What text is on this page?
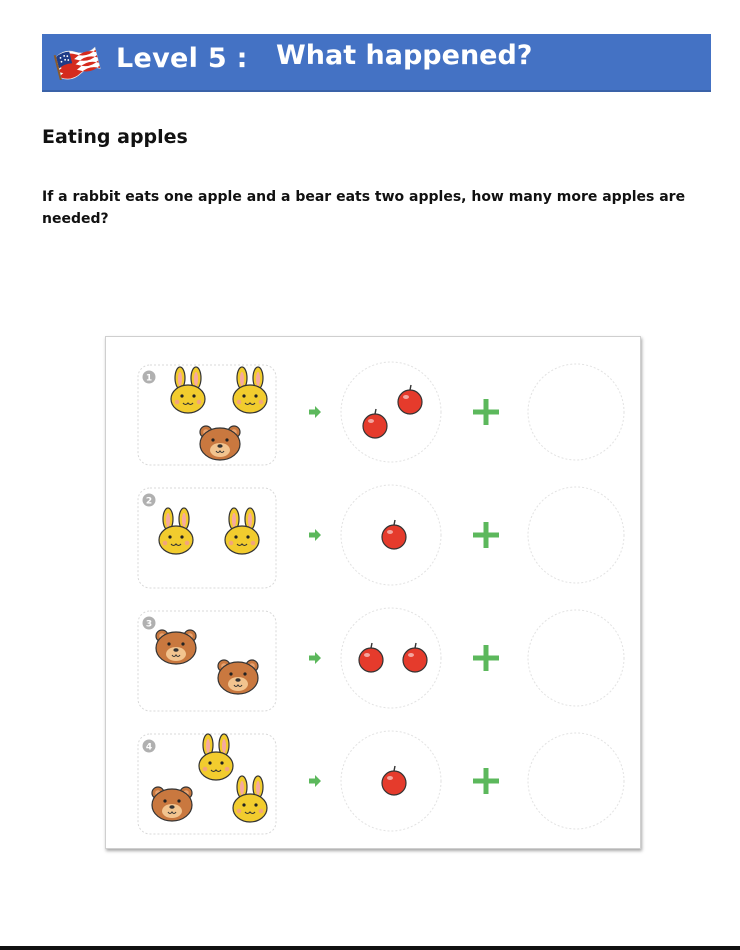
Level 5 : What happened?
Eating apples
If a rabbit eats one apple and a bear eats two apples, how many more apples are needed?
1
2
3
4
